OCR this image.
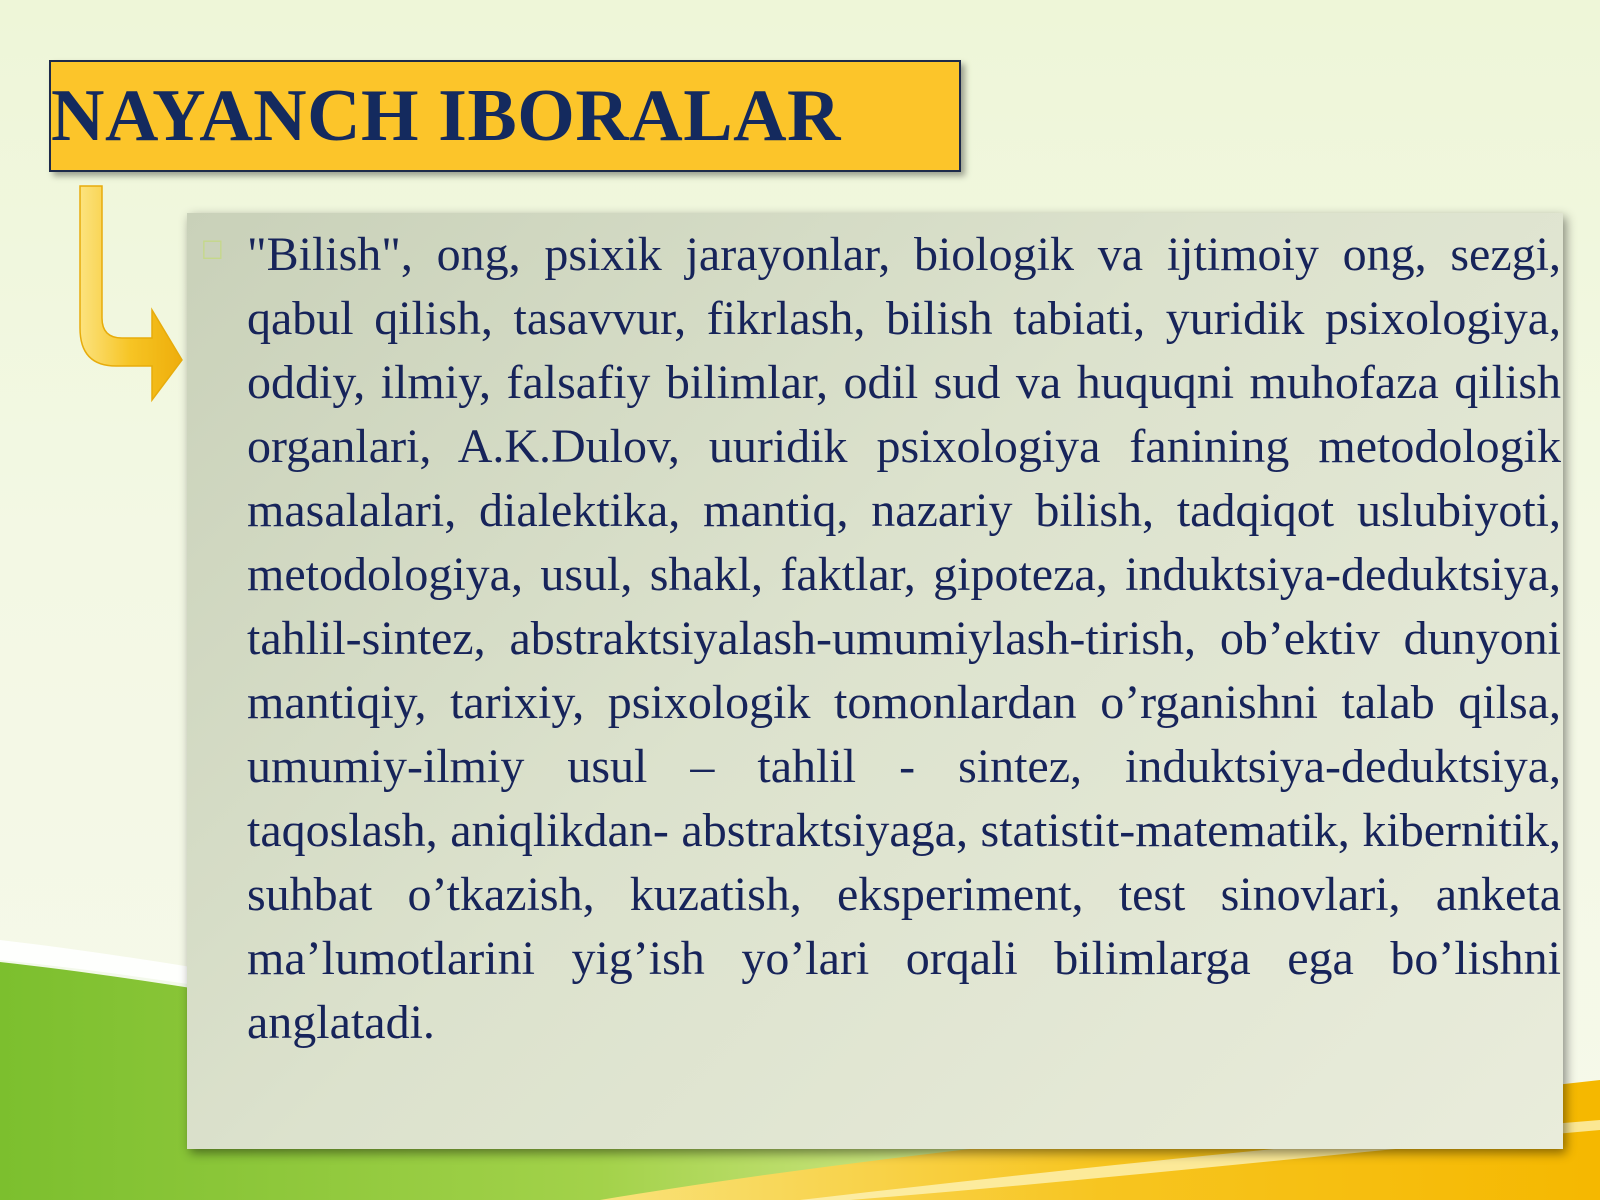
NAYANCH IBORALAR
□ "Bilish", ong, psixik jarayonlar, biologik va ijtimoiy ong, sezgi, qabul qilish, tasavvur, fikrlash, bilish tabiati, yuridik psixologiya, oddiy, ilmiy, falsafiy bilimlar, odil sud va huquqni muhofaza qilish organlari, A.K.Dulov, uuridik psixologiya fanining metodologik masalalari, dialektika, mantiq, nazariy bilish, tadqiqot uslubiyoti, metodologiya, usul, shakl, faktlar, gipoteza, induktsiya-deduktsiya, tahlil-sintez, abstraktsiyalash-umumiylash-tirish, ob’ektiv dunyoni mantiqiy, tarixiy, psixologik tomonlardan o’rganishni talab qilsa, umumiy-ilmiy usul – tahlil - sintez, induktsiya-deduktsiya, taqoslash, aniqlikdan- abstraktsiyaga, statistit-matematik, kibernitik, suhbat o’tkazish, kuzatish, eksperiment, test sinovlari, anketa ma’lumotlarini yig’ish yo’lari orqali bilimlarga ega bo’lishni anglatadi.
